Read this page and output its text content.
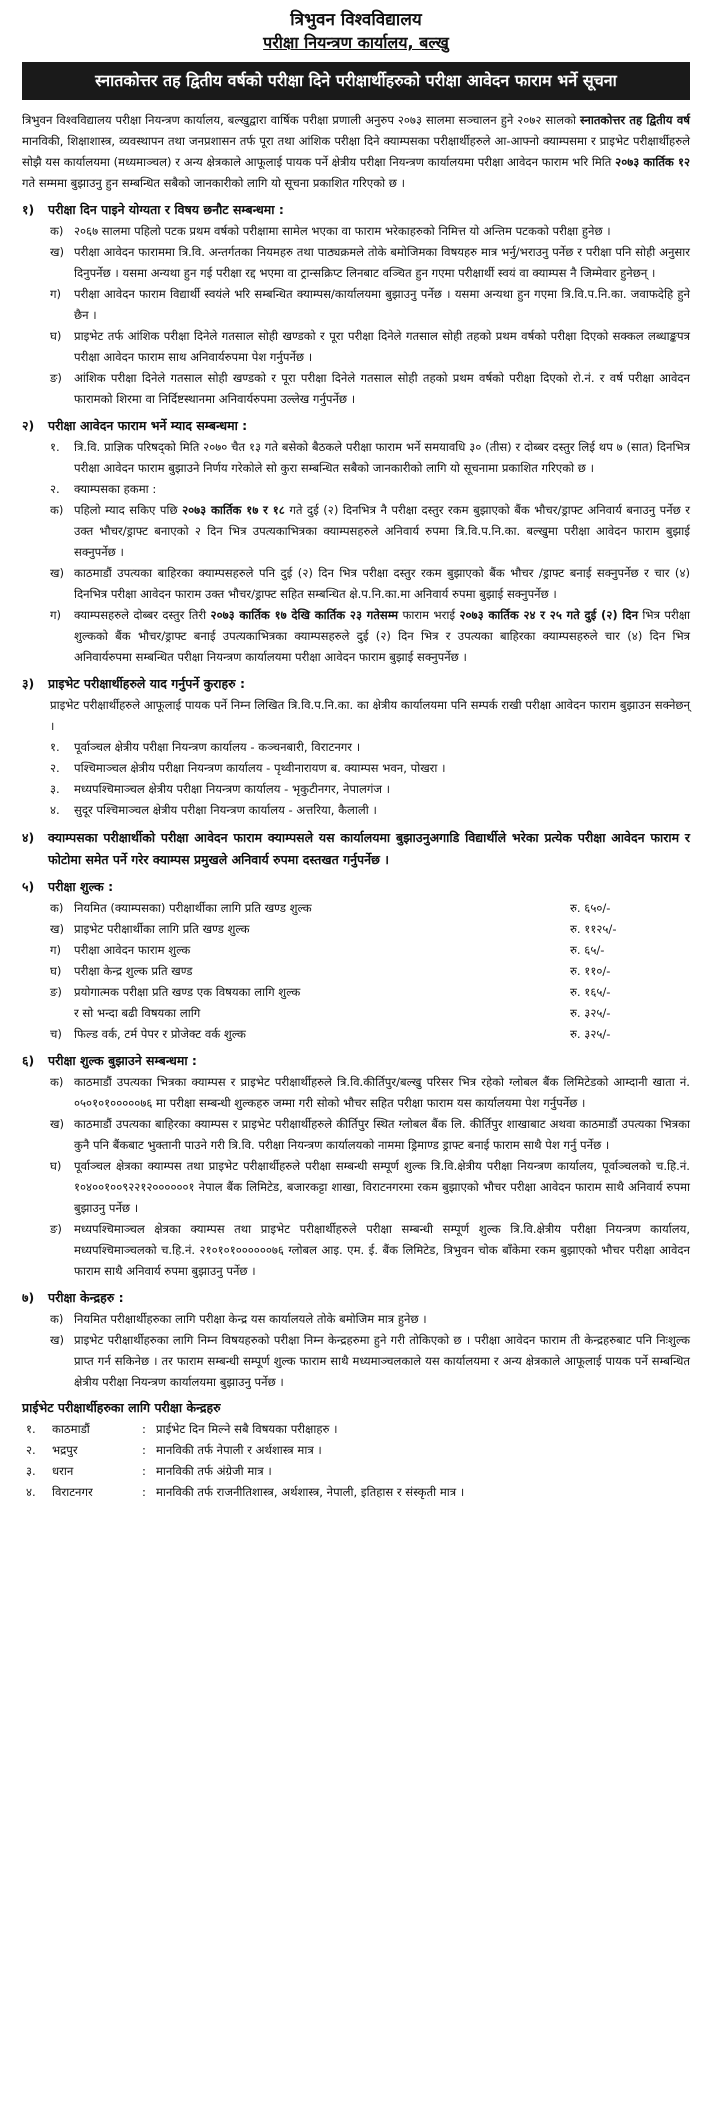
त्रिभुवन विश्वविद्यालय
परीक्षा नियन्त्रण कार्यालय, बल्खु
स्नातकोत्तर तह द्वितीय वर्षको परीक्षा दिने परीक्षार्थीहरुको परीक्षा आवेदन फाराम भर्ने सूचना

त्रिभुवन विश्वविद्यालय परीक्षा नियन्त्रण कार्यालय, बल्खुद्वारा वार्षिक परीक्षा प्रणाली अनुरुप २०७३ सालमा सञ्चालन हुने २०७२ सालको स्नातकोत्तर तह द्वितीय वर्ष मानविकी, शिक्षाशास्त्र, व्यवस्थापन तथा जनप्रशासन तर्फ पूरा तथा आंशिक परीक्षा दिने क्याम्पसका परीक्षार्थीहरुले आ-आफ्नो क्याम्पसमा र प्राइभेट परीक्षार्थीहरुले सोझै यस कार्यालयमा (मध्यमाञ्चल) र अन्य क्षेत्रकाले आफूलाई पायक पर्ने क्षेत्रीय परीक्षा नियन्त्रण कार्यालयमा परीक्षा आवेदन फाराम भरि मिति २०७३ कार्तिक १२ गते सम्ममा बुझाउनु हुन सम्बन्धित सबैको जानकारीको लागि यो सूचना प्रकाशित गरिएको छ ।

१)	परीक्षा दिन पाइने योग्यता र विषय छनौट सम्बन्धमा :
क) २०६७ सालमा पहिलो पटक प्रथम वर्षको परीक्षामा सामेल भएका वा फाराम भरेकाहरुको निमित्त यो अन्तिम पटकको परीक्षा हुनेछ ।
ख) परीक्षा आवेदन फाराममा त्रि.वि. अन्तर्गतका नियमहरु तथा पाठ्यक्रमले तोके बमोजिमका विषयहरु मात्र भर्नु/भराउनु पर्नेछ र परीक्षा पनि सोही अनुसार दिनुपर्नेछ । यसमा अन्यथा हुन गई परीक्षा रद्द भएमा वा ट्रान्सक्रिप्ट लिनबाट वञ्चित हुन गएमा परीक्षार्थी स्वयं वा क्याम्पस नै जिम्मेवार हुनेछन् ।
ग)	परीक्षा आवेदन फाराम विद्यार्थी स्वयंले भरि सम्बन्धित क्याम्पस/कार्यालयमा बुझाउनु पर्नेछ । यसमा अन्यथा हुन गएमा त्रि.वि.प.नि.का. जवाफदेहि हुने छैन ।
घ)	प्राइभेट तर्फ आंशिक परीक्षा दिनेले गतसाल सोही खण्डको र पूरा परीक्षा दिनेले गतसाल सोही तहको प्रथम वर्षको परीक्षा दिएको सक्कल लब्धाङ्कपत्र परीक्षा आवेदन फाराम साथ अनिवार्यरुपमा पेश गर्नुपर्नेछ ।
ङ)	आंशिक परीक्षा दिनेले गतसाल सोही खण्डको र पूरा परीक्षा दिनेले गतसाल सोही तहको प्रथम वर्षको परीक्षा दिएको रो.नं. र वर्ष परीक्षा आवेदन फारामको शिरमा वा निर्दिष्टस्थानमा अनिवार्यरुपमा उल्लेख गर्नुपर्नेछ ।
२)	परीक्षा आवेदन फाराम भर्ने म्याद सम्बन्धमा :
१.	त्रि.वि. प्राज्ञिक परिषद्को मिति २०७० चैत १३ गते बसेको बैठकले परीक्षा फाराम भर्ने समयावधि ३० (तीस) र दोब्बर दस्तुर लिई थप ७ (सात) दिनभित्र परीक्षा आवेदन फाराम बुझाउने निर्णय गरेकोले सो कुरा सम्बन्धित सबैको जानकारीको लागि यो सूचनामा प्रकाशित गरिएको छ ।
२.	क्याम्पसका हकमा :
क) पहिलो म्याद सकिए पछि २०७३ कार्तिक १७ र १८ गते दुई (२) दिनभित्र नै परीक्षा दस्तुर रकम बुझाएको बैंक भौचर/ड्राफ्ट अनिवार्य बनाउनु पर्नेछ र उक्त भौचर/ड्राफ्ट बनाएको २ दिन भित्र उपत्यकाभित्रका क्याम्पसहरुले अनिवार्य रुपमा त्रि.वि.प.नि.का. बल्खुमा परीक्षा आवेदन फाराम बुझाई सक्नुपर्नेछ ।
ख) काठमाडौं उपत्यका बाहिरका क्याम्पसहरुले पनि दुई (२) दिन भित्र परीक्षा दस्तुर रकम बुझाएको बैंक भौचर /ड्राफ्ट बनाई सक्नुपर्नेछ र चार (४) दिनभित्र परीक्षा आवेदन फाराम उक्त भौचर/ड्राफ्ट सहित सम्बन्धित क्षे.प.नि.का.मा अनिवार्य रुपमा बुझाई सक्नुपर्नेछ ।
ग)	क्याम्पसहरुले दोब्बर दस्तुर तिरी २०७३ कार्तिक १७ देखि कार्तिक २३ गतेसम्म फाराम भराई २०७३ कार्तिक २४ र २५ गते दुई (२) दिन भित्र परीक्षा शुल्कको बैंक भौचर/ड्राफ्ट बनाई उपत्यकाभित्रका क्याम्पसहरुले दुई (२) दिन भित्र र उपत्यका बाहिरका क्याम्पसहरुले चार (४) दिन भित्र अनिवार्यरुपमा सम्बन्धित परीक्षा नियन्त्रण कार्यालयमा परीक्षा आवेदन फाराम बुझाई सक्नुपर्नेछ ।
३)	प्राइभेट परीक्षार्थीहरुले याद गर्नुपर्ने कुराहरु :

प्राइभेट परीक्षार्थीहरुले आफूलाई पायक पर्ने निम्न लिखित त्रि.वि.प.नि.का. का क्षेत्रीय कार्यालयमा पनि सम्पर्क राखी परीक्षा आवेदन फाराम बुझाउन सक्नेछन् ।

१.	पूर्वाञ्चल क्षेत्रीय परीक्षा नियन्त्रण कार्यालय - कञ्चनबारी, विराटनगर ।
२.	पश्चिमाञ्चल क्षेत्रीय परीक्षा नियन्त्रण कार्यालय - पृथ्वीनारायण ब. क्याम्पस भवन, पोखरा ।
३.	मध्यपश्चिमाञ्चल क्षेत्रीय परीक्षा नियन्त्रण कार्यालय - भृकुटीनगर, नेपालगंज ।
४.	सुदूर पश्चिमाञ्चल क्षेत्रीय परीक्षा नियन्त्रण कार्यालय - अत्तरिया, कैलाली ।
४)	क्याम्पसका परीक्षार्थीको परीक्षा आवेदन फाराम क्याम्पसले यस कार्यालयमा बुझाउनुअगाडि विद्यार्थीले भरेका प्रत्येक परीक्षा आवेदन फाराम र फोटोमा समेत पर्ने गरेर क्याम्पस प्रमुखले अनिवार्य रुपमा दस्तखत गर्नुपर्नेछ ।
५)	परीक्षा शुल्क :
क) नियमित (क्याम्पसका) परीक्षार्थीका लागि प्रति खण्ड शुल्क	रु. ६५०/-
ख) प्राइभेट परीक्षार्थीका लागि प्रति खण्ड शुल्क	रु. ११२५/-
ग)	परीक्षा आवेदन फाराम शुल्क	रु. ६५/-
घ)	परीक्षा केन्द्र शुल्क प्रति खण्ड	रु. ११०/-
ङ)	प्रयोगात्मक परीक्षा प्रति खण्ड एक विषयका लागि शुल्क	रु. १६५/-
र सो भन्दा बढी विषयका लागि	रु. ३२५/-
च)	फिल्ड वर्क, टर्म पेपर र प्रोजेक्ट वर्क शुल्क	रु. ३२५/-
६)	परीक्षा शुल्क बुझाउने सम्बन्धमा :
क) काठमाडौं उपत्यका भित्रका क्याम्पस र प्राइभेट परीक्षार्थीहरुले त्रि.वि.कीर्तिपुर/बल्खु परिसर भित्र रहेको ग्लोबल बैंक लिमिटेडको आम्दानी खाता नं. ०५०१०१०००००७६ मा परीक्षा सम्बन्धी शुल्कहरु जम्मा गरी सोको भौचर सहित परीक्षा फाराम यस कार्यालयमा पेश गर्नुपर्नेछ ।
ख) काठमाडौं उपत्यका बाहिरका क्याम्पस र प्राइभेट परीक्षार्थीहरुले कीर्तिपुर स्थित ग्लोबल बैंक लि. कीर्तिपुर शाखाबाट अथवा काठमाडौं उपत्यका भित्रका कुनै पनि बैंकबाट भुक्तानी पाउने गरी त्रि.वि. परीक्षा नियन्त्रण कार्यालयको नाममा ड्रिमाण्ड ड्राफ्ट बनाई फाराम साथै पेश गर्नु पर्नेछ ।
घ)	पूर्वाञ्चल क्षेत्रका क्याम्पस तथा प्राइभेट परीक्षार्थीहरुले परीक्षा सम्बन्धी सम्पूर्ण शुल्क त्रि.वि.क्षेत्रीय परीक्षा नियन्त्रण कार्यालय, पूर्वाञ्चलको च.हि.नं. १०४००१००९२२१२००००००१ नेपाल बैंक लिमिटेड, बजारकट्टा शाखा, विराटनगरमा रकम बुझाएको भौचर परीक्षा आवेदन फाराम साथै अनिवार्य रुपमा बुझाउनु पर्नेछ ।
ङ)	मध्यपश्चिमाञ्चल क्षेत्रका क्याम्पस तथा प्राइभेट परीक्षार्थीहरुले परीक्षा सम्बन्धी सम्पूर्ण शुल्क त्रि.वि.क्षेत्रीय परीक्षा नियन्त्रण कार्यालय, मध्यपश्चिमाञ्चलको च.हि.नं. २१०१०१००००००७६ ग्लोबल आइ. एम. ई. बैंक लिमिटेड, त्रिभुवन चोक बाँकेमा रकम बुझाएको भौचर परीक्षा आवेदन फाराम साथै अनिवार्य रुपमा बुझाउनु पर्नेछ ।
७)	परीक्षा केन्द्रहरु :
क) नियमित परीक्षार्थीहरुका लागि परीक्षा केन्द्र यस कार्यालयले तोके बमोजिम मात्र हुनेछ ।
ख) प्राइभेट परीक्षार्थीहरुका लागि निम्न विषयहरुको परीक्षा निम्न केन्द्रहरुमा हुने गरी तोकिएको छ । परीक्षा आवेदन फाराम ती केन्द्रहरुबाट पनि निःशुल्क प्राप्त गर्न सकिनेछ । तर फाराम सम्बन्धी सम्पूर्ण शुल्क फाराम साथै मध्यमाञ्चलकाले यस कार्यालयमा र अन्य क्षेत्रकाले आफूलाई पायक पर्ने सम्बन्धित क्षेत्रीय परीक्षा नियन्त्रण कार्यालयमा बुझाउनु पर्नेछ ।
प्राईभेट परीक्षार्थीहरुका लागि परीक्षा केन्द्रहरु
१.	काठमाडौं	: प्राईभेट दिन मिल्ने सबै विषयका परीक्षाहरु ।
२.	भद्रपुर	: मानविकी तर्फ नेपाली र अर्थशास्त्र मात्र ।
३.	धरान	: मानविकी तर्फ अंग्रेजी मात्र ।
४.	विराटनगर	: मानविकी तर्फ राजनीतिशास्त्र, अर्थशास्त्र, नेपाली, इतिहास र संस्कृती मात्र ।
